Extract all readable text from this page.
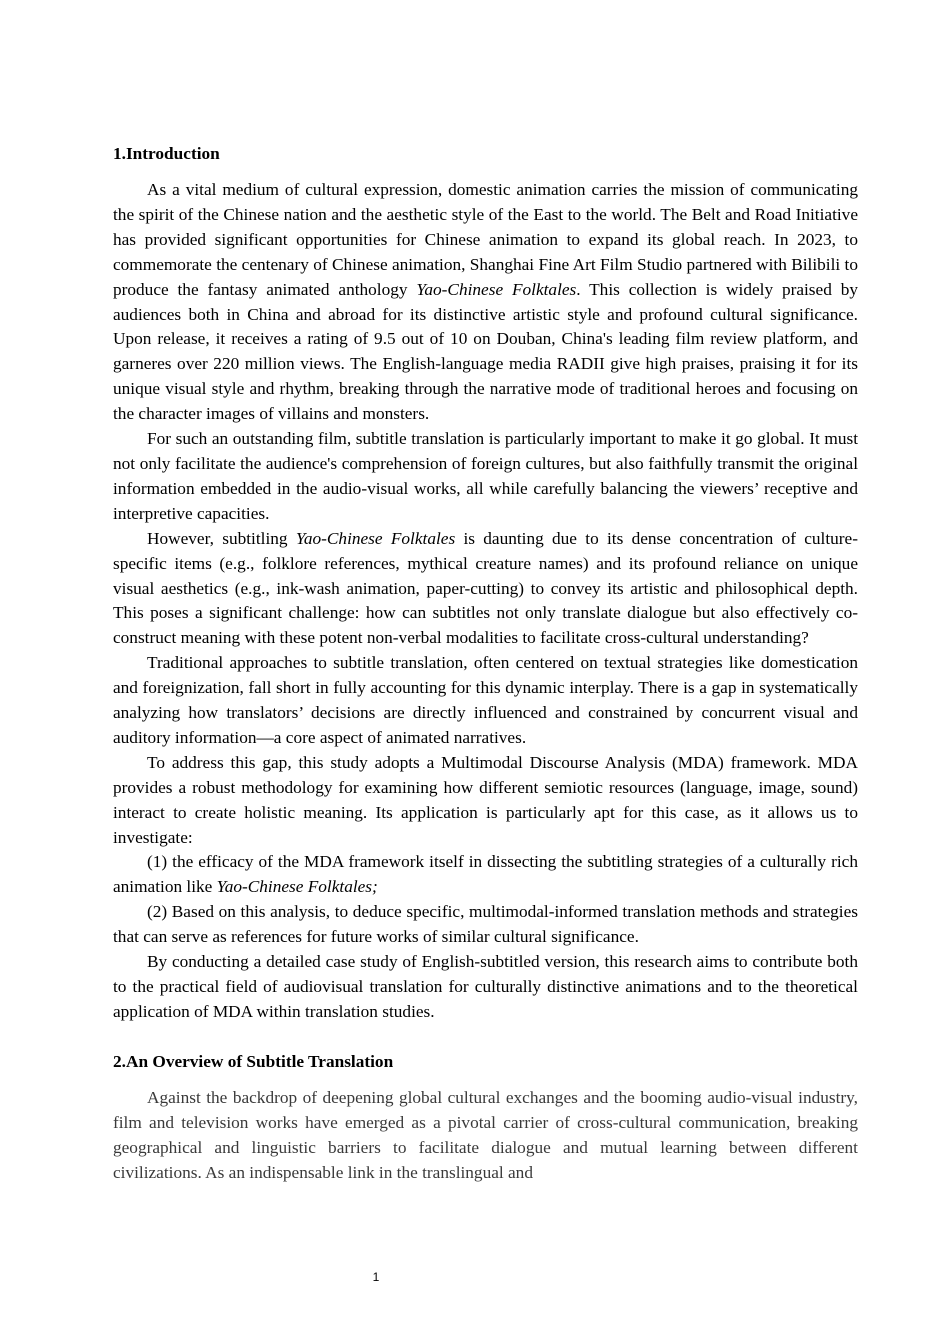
1.Introduction

As a vital medium of cultural expression, domestic animation carries the mission of communicating the spirit of the Chinese nation and the aesthetic style of the East to the world. The Belt and Road Initiative has provided significant opportunities for Chinese animation to expand its global reach. In 2023, to commemorate the centenary of Chinese animation, Shanghai Fine Art Film Studio partnered with Bilibili to produce the fantasy animated anthology Yao-Chinese Folktales. This collection is widely praised by audiences both in China and abroad for its distinctive artistic style and profound cultural significance. Upon release, it receives a rating of 9.5 out of 10 on Douban, China's leading film review platform, and garneres over 220 million views. The English-language media RADII give high praises, praising it for its unique visual style and rhythm, breaking through the narrative mode of traditional heroes and focusing on the character images of villains and monsters.

For such an outstanding film, subtitle translation is particularly important to make it go global. It must not only facilitate the audience's comprehension of foreign cultures, but also faithfully transmit the original information embedded in the audio-visual works, all while carefully balancing the viewers’ receptive and interpretive capacities.

However, subtitling Yao-Chinese Folktales is daunting due to its dense concentration of culture-specific items (e.g., folklore references, mythical creature names) and its profound reliance on unique visual aesthetics (e.g., ink-wash animation, paper-cutting) to convey its artistic and philosophical depth. This poses a significant challenge: how can subtitles not only translate dialogue but also effectively co-construct meaning with these potent non-verbal modalities to facilitate cross-cultural understanding?

Traditional approaches to subtitle translation, often centered on textual strategies like domestication and foreignization, fall short in fully accounting for this dynamic interplay. There is a gap in systematically analyzing how translators’ decisions are directly influenced and constrained by concurrent visual and auditory information—a core aspect of animated narratives.

To address this gap, this study adopts a Multimodal Discourse Analysis (MDA) framework. MDA provides a robust methodology for examining how different semiotic resources (language, image, sound) interact to create holistic meaning. Its application is particularly apt for this case, as it allows us to investigate:

(1) the efficacy of the MDA framework itself in dissecting the subtitling strategies of a culturally rich animation like Yao-Chinese Folktales;

(2) Based on this analysis, to deduce specific, multimodal-informed translation methods and strategies that can serve as references for future works of similar cultural significance.

By conducting a detailed case study of English-subtitled version, this research aims to contribute both to the practical field of audiovisual translation for culturally distinctive animations and to the theoretical application of MDA within translation studies.

2.An Overview of Subtitle Translation

Against the backdrop of deepening global cultural exchanges and the booming audio-visual industry, film and television works have emerged as a pivotal carrier of cross-cultural communication, breaking geographical and linguistic barriers to facilitate dialogue and mutual learning between different civilizations. As an indispensable link in the translingual and

1
